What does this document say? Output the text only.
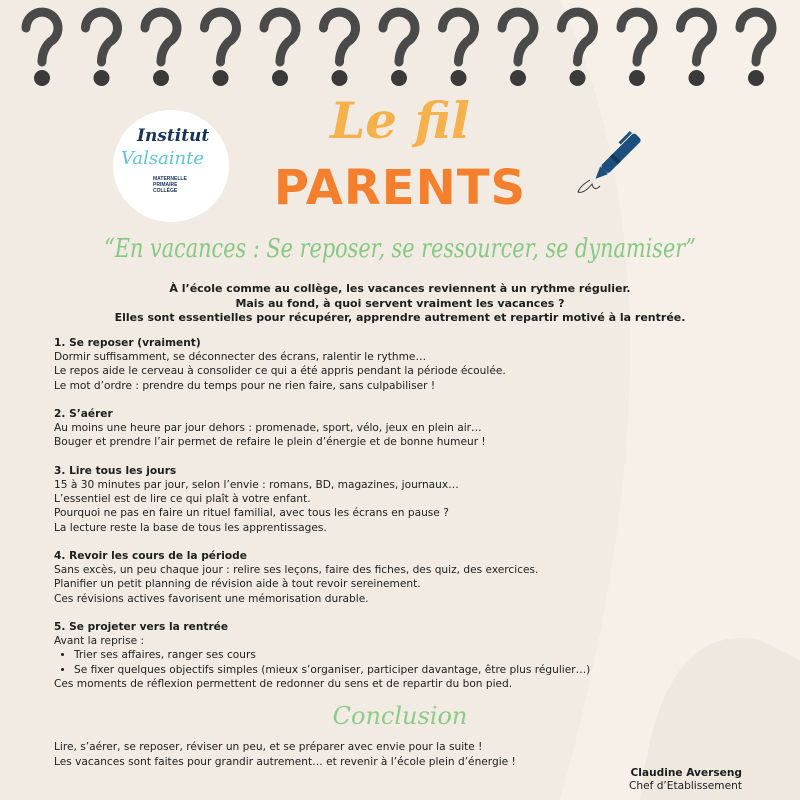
Institut
Valsainte
MATERNELLE
PRIMAIRE
COLLÈGE
Le fil
PARENTS
“En vacances : Se reposer, se ressourcer, se dynamiser”
À l’école comme au collège, les vacances reviennent à un rythme régulier.
Mais au fond, à quoi servent vraiment les vacances ?
Elles sont essentielles pour récupérer, apprendre autrement et repartir motivé à la rentrée.
1. Se reposer (vraiment)

Dormir suffisamment, se déconnecter des écrans, ralentir le rythme…

Le repos aide le cerveau à consolider ce qui a été appris pendant la période écoulée.

Le mot d’ordre : prendre du temps pour ne rien faire, sans culpabiliser !

2. S’aérer

Au moins une heure par jour dehors : promenade, sport, vélo, jeux en plein air…

Bouger et prendre l’air permet de refaire le plein d’énergie et de bonne humeur !

3. Lire tous les jours

15 à 30 minutes par jour, selon l’envie : romans, BD, magazines, journaux…

L’essentiel est de lire ce qui plaît à votre enfant.

Pourquoi ne pas en faire un rituel familial, avec tous les écrans en pause ?

La lecture reste la base de tous les apprentissages.

4. Revoir les cours de la période

Sans excès, un peu chaque jour : relire ses leçons, faire des fiches, des quiz, des exercices.

Planifier un petit planning de révision aide à tout revoir sereinement.

Ces révisions actives favorisent une mémorisation durable.

5. Se projeter vers la rentrée

Avant la reprise :

• Trier ses affaires, ranger ses cours
• Se fixer quelques objectifs simples (mieux s’organiser, participer davantage, être plus régulier…)

Ces moments de réflexion permettent de redonner du sens et de repartir du bon pied.

Conclusion
Lire, s’aérer, se reposer, réviser un peu, et se préparer avec envie pour la suite !
Les vacances sont faites pour grandir autrement… et revenir à l’école plein d’énergie !
Claudine Averseng
Chef d’Etablissement
